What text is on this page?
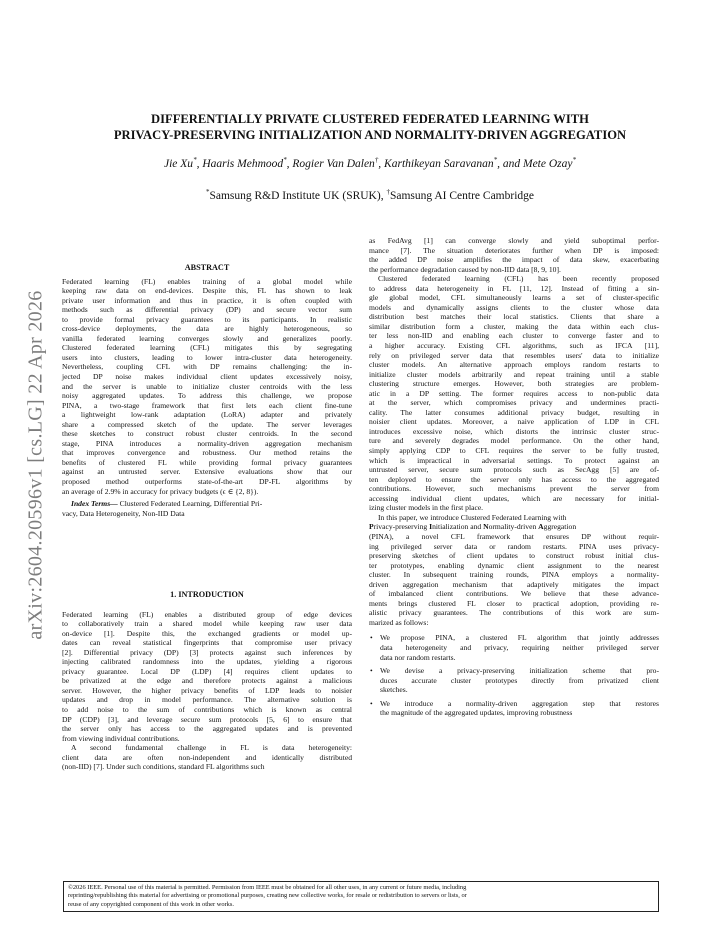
arXiv:2604.20596v1 [cs.LG] 22 Apr 2026
DIFFERENTIALLY PRIVATE CLUSTERED FEDERATED LEARNING WITH
PRIVACY-PRESERVING INITIALIZATION AND NORMALITY-DRIVEN AGGREGATION
Jie Xu*, Haaris Mehmood*, Rogier Van Dalen†, Karthikeyan Saravanan*, and Mete Ozay*
*Samsung R&D Institute UK (SRUK), †Samsung AI Centre Cambridge

ABSTRACT

Federated learning (FL) enables training of a global model while

keeping raw data on end-devices. Despite this, FL has shown to leak

private user information and thus in practice, it is often coupled with

methods such as differential privacy (DP) and secure vector sum

to provide formal privacy guarantees to its participants. In realistic

cross-device deployments, the data are highly heterogeneous, so

vanilla federated learning converges slowly and generalizes poorly.

Clustered federated learning (CFL) mitigates this by segregating

users into clusters, leading to lower intra-cluster data heterogeneity.

Nevertheless, coupling CFL with DP remains challenging: the in-

jected DP noise makes individual client updates excessively noisy,

and the server is unable to initialize cluster centroids with the less

noisy aggregated updates. To address this challenge, we propose

PINA, a two-stage framework that first lets each client fine-tune

a lightweight low-rank adaptation (LoRA) adapter and privately

share a compressed sketch of the update. The server leverages

these sketches to construct robust cluster centroids. In the second

stage, PINA introduces a normality-driven aggregation mechanism

that improves convergence and robustness. Our method retains the

benefits of clustered FL while providing formal privacy guarantees

against an untrusted server. Extensive evaluations show that our

proposed method outperforms state-of-the-art DP-FL algorithms by

an average of 2.9% in accuracy for privacy budgets (ϵ ∈ {2, 8}).

Index Terms— Clustered Federated Learning, Differential Pri-

vacy, Data Heterogeneity, Non-IID Data

1. INTRODUCTION

Federated learning (FL) enables a distributed group of edge devices

to collaboratively train a shared model while keeping raw user data

on-device [1]. Despite this, the exchanged gradients or model up-

dates can reveal statistical fingerprints that compromise user privacy

[2]. Differential privacy (DP) [3] protects against such inferences by

injecting calibrated randomness into the updates, yielding a rigorous

privacy guarantee. Local DP (LDP) [4] requires client updates to

be privatized at the edge and therefore protects against a malicious

server. However, the higher privacy benefits of LDP leads to noisier

updates and drop in model performance. The alternative solution is

to add noise to the sum of contributions which is known as central

DP (CDP) [3], and leverage secure sum protocols [5, 6] to ensure that

the server only has access to the aggregated updates and is prevented

from viewing individual contributions.

A second fundamental challenge in FL is data heterogeneity:

client data are often non-independent and identically distributed

(non-IID) [7]. Under such conditions, standard FL algorithms such

as FedAvg [1] can converge slowly and yield suboptimal perfor-

mance [7]. The situation deteriorates further when DP is imposed:

the added DP noise amplifies the impact of data skew, exacerbating

the performance degradation caused by non-IID data [8, 9, 10].

Clustered federated learning (CFL) has been recently proposed

to address data heterogeneity in FL [11, 12]. Instead of fitting a sin-

gle global model, CFL simultaneously learns a set of cluster-specific

models and dynamically assigns clients to the cluster whose data

distribution best matches their local statistics. Clients that share a

similar distribution form a cluster, making the data within each clus-

ter less non-IID and enabling each cluster to converge faster and to

a higher accuracy. Existing CFL algorithms, such as IFCA [11],

rely on privileged server data that resembles users' data to initialize

cluster models. An alternative approach employs random restarts to

initialize cluster models arbitrarily and repeat training until a stable

clustering structure emerges. However, both strategies are problem-

atic in a DP setting. The former requires access to non-public data

at the server, which compromises privacy and undermines practi-

cality. The latter consumes additional privacy budget, resulting in

noisier client updates. Moreover, a naive application of LDP in CFL

introduces excessive noise, which distorts the intrinsic cluster struc-

ture and severely degrades model performance. On the other hand,

simply applying CDP to CFL requires the server to be fully trusted,

which is impractical in adversarial settings. To protect against an

untrusted server, secure sum protocols such as SecAgg [5] are of-

ten deployed to ensure the server only has access to the aggregated

contributions. However, such mechanisms prevent the server from

accessing individual client updates, which are necessary for initial-

izing cluster models in the first place.

In this paper, we introduce Clustered Federated Learning with

Privacy-preserving Initialization and Normality-driven Aggregation

(PINA), a novel CFL framework that ensures DP without requir-

ing privileged server data or random restarts. PINA uses privacy-

preserving sketches of client updates to construct robust initial clus-

ter prototypes, enabling dynamic client assignment to the nearest

cluster. In subsequent training rounds, PINA employs a normality-

driven aggregation mechanism that adaptively mitigates the impact

of imbalanced client contributions. We believe that these advance-

ments brings clustered FL closer to practical adoption, providing re-

alistic privacy guarantees. The contributions of this work are sum-

marized as follows:

• We propose PINA, a clustered FL algorithm that jointly addresses

data heterogeneity and privacy, requiring neither privileged server

data nor random restarts.

• We devise a privacy-preserving initialization scheme that pro-

duces accurate cluster prototypes directly from privatized client

sketches.

• We introduce a normality-driven aggregation step that restores

the magnitude of the aggregated updates, improving robustness

©2026 IEEE. Personal use of this material is permitted. Permission from IEEE must be obtained for all other uses, in any current or future media, including
reprinting/republishing this material for advertising or promotional purposes, creating new collective works, for resale or redistribution to servers or lists, or
reuse of any copyrighted component of this work in other works.
